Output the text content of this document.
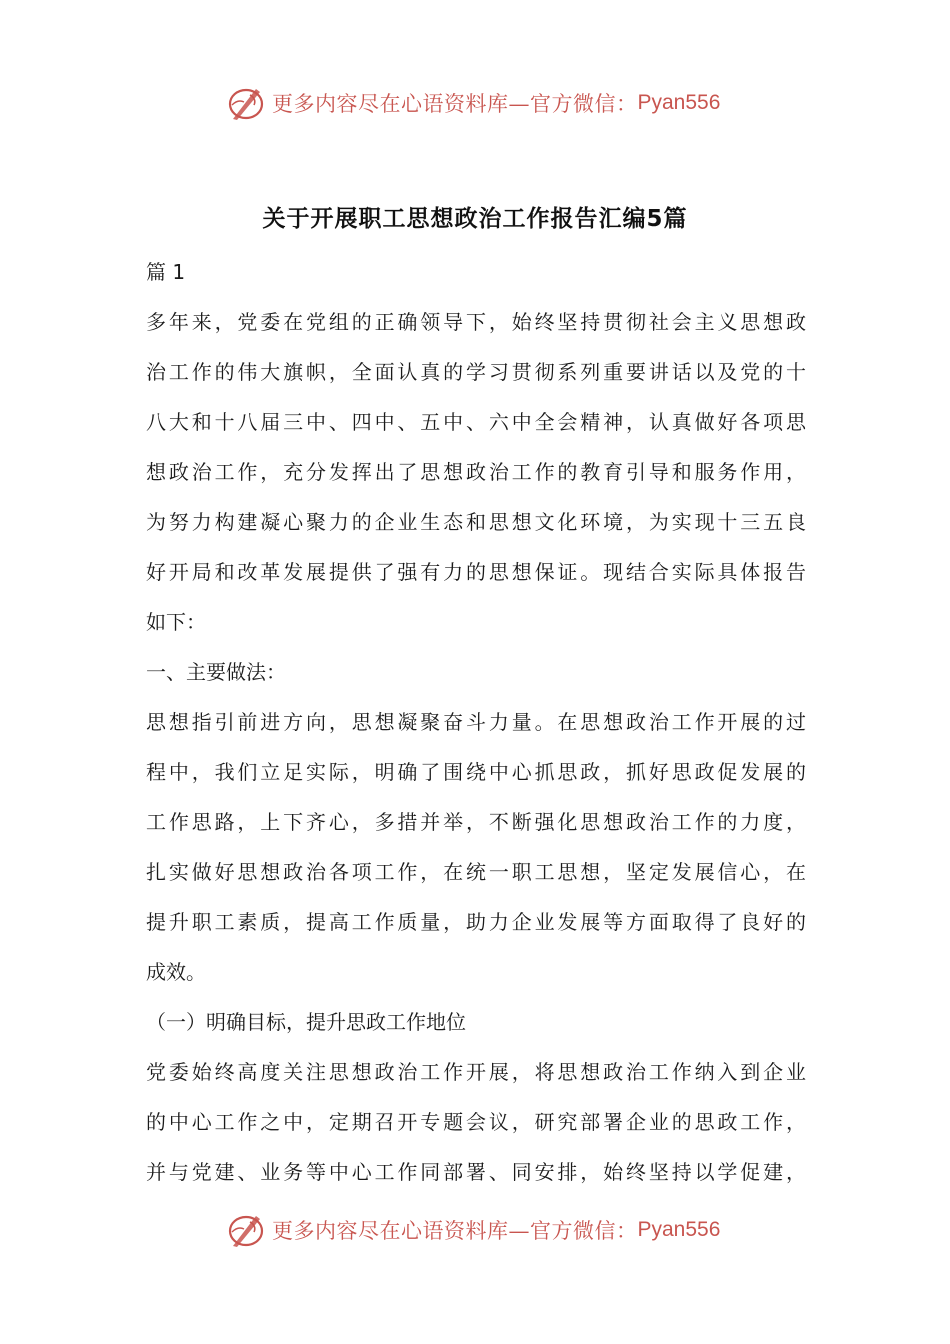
更多内容尽在心语资料库—官方微信： Pyan556
关于开展职工思想政治工作报告汇编5篇
篇 1
多年来，党委在党组的正确领导下，始终坚持贯彻社会主义思想政
治工作的伟大旗帜，全面认真的学习贯彻系列重要讲话以及党的十
八大和十八届三中、四中、五中、六中全会精神，认真做好各项思
想政治工作，充分发挥出了思想政治工作的教育引导和服务作用，
为努力构建凝心聚力的企业生态和思想文化环境，为实现十三五良
好开局和改革发展提供了强有力的思想保证。现结合实际具体报告
如下：
一、主要做法：
思想指引前进方向，思想凝聚奋斗力量。在思想政治工作开展的过
程中，我们立足实际，明确了围绕中心抓思政，抓好思政促发展的
工作思路，上下齐心，多措并举，不断强化思想政治工作的力度，
扎实做好思想政治各项工作，在统一职工思想，坚定发展信心，在
提升职工素质，提高工作质量，助力企业发展等方面取得了良好的
成效。
（一）明确目标，提升思政工作地位
党委始终高度关注思想政治工作开展，将思想政治工作纳入到企业
的中心工作之中，定期召开专题会议，研究部署企业的思政工作，
并与党建、业务等中心工作同部署、同安排，始终坚持以学促建，
更多内容尽在心语资料库—官方微信： Pyan556
